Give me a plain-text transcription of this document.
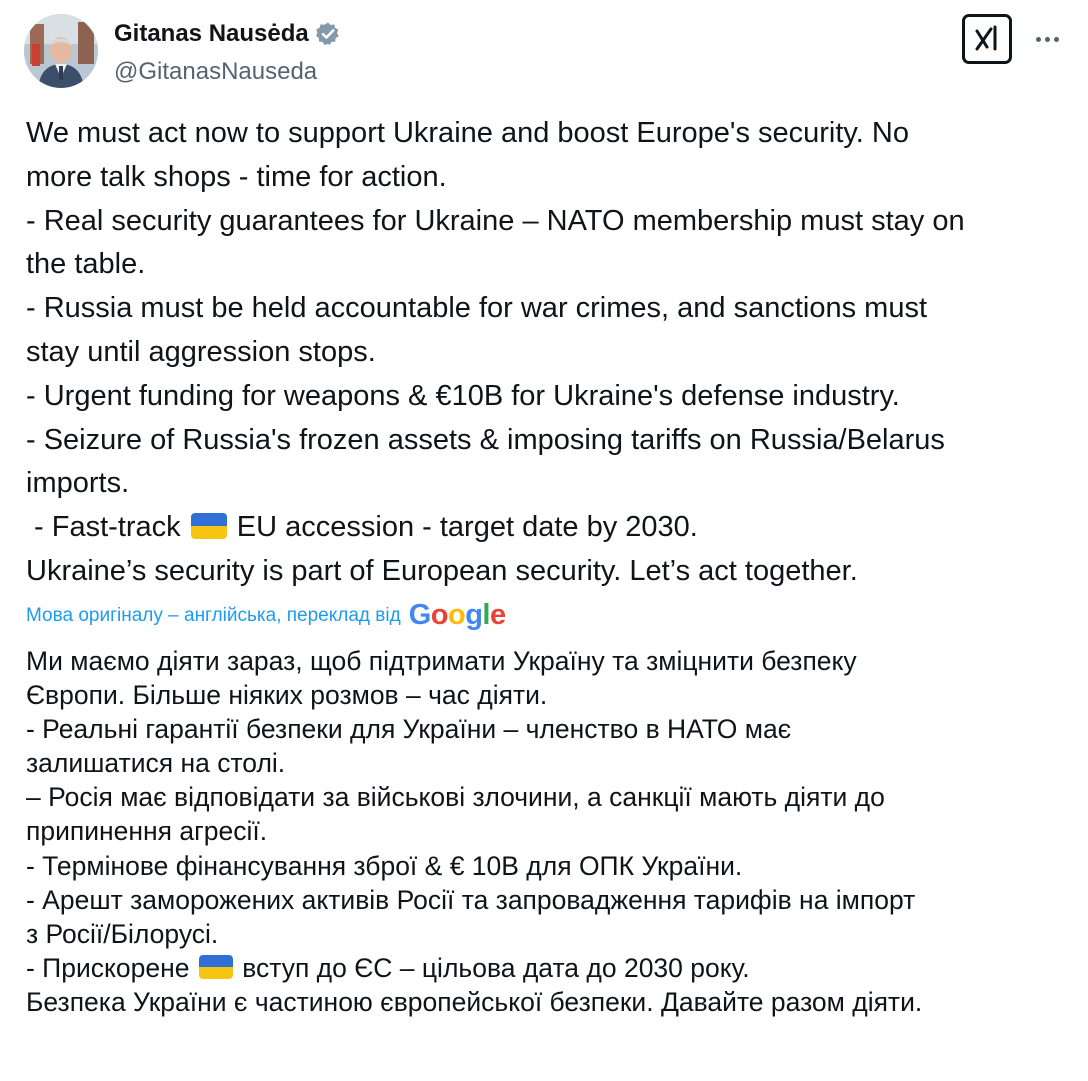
Gitanas Nausėda
@GitanasNauseda
We must act now to support Ukraine and boost Europe's security. No
more talk shops - time for action.
- Real security guarantees for Ukraine – NATO membership must stay on
the table.
- Russia must be held accountable for war crimes, and sanctions must
stay until aggression stops.
- Urgent funding for weapons & €10B for Ukraine's defense industry.
- Seizure of Russia's frozen assets & imposing tariffs on Russia/Belarus
imports.
- Fast-track
EU accession - target date by 2030.
Ukraine’s security is part of European security. Let’s act together.
Мова оригіналу – англійська, переклад від Google
Ми маємо діяти зараз, щоб підтримати Україну та зміцнити безпеку
Європи. Більше ніяких розмов – час діяти.
- Реальні гарантії безпеки для України – членство в НАТО має
залишатися на столі.
– Росія має відповідати за військові злочини, а санкції мають діяти до
припинення агресії.
- Термінове фінансування зброї & € 10B для ОПК України.
- Арешт заморожених активів Росії та запровадження тарифів на імпорт
з Росії/Білорусі.
- Прискорене
вступ до ЄС – цільова дата до 2030 року.
Безпека України є частиною європейської безпеки. Давайте разом діяти.
